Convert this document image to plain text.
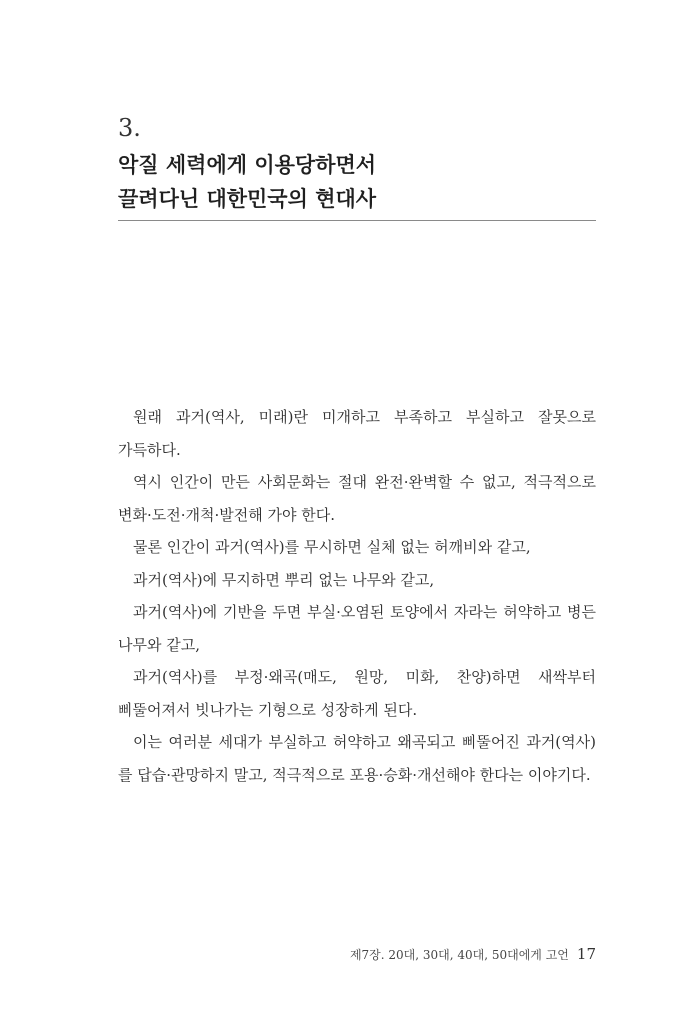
3.
악질 세력에게 이용당하면서
끌려다닌 대한민국의 현대사

원래 과거(역사, 미래)란 미개하고 부족하고 부실하고 잘못으로 가득하다.

역시 인간이 만든 사회문화는 절대 완전·완벽할 수 없고, 적극적으로 변화·도전·개척·발전해 가야 한다.

물론 인간이 과거(역사)를 무시하면 실체 없는 허깨비와 같고,

과거(역사)에 무지하면 뿌리 없는 나무와 같고,

과거(역사)에 기반을 두면 부실·오염된 토양에서 자라는 허약하고 병든 나무와 같고,

과거(역사)를 부정·왜곡(매도, 원망, 미화, 찬양)하면 새싹부터 삐뚤어져서 빗나가는 기형으로 성장하게 된다.

이는 여러분 세대가 부실하고 허약하고 왜곡되고 삐뚤어진 과거(역사)를 답습·관망하지 말고, 적극적으로 포용·승화·개선해야 한다는 이야기다.

제7장. 20대, 30대, 40대, 50대에게 고언 17
